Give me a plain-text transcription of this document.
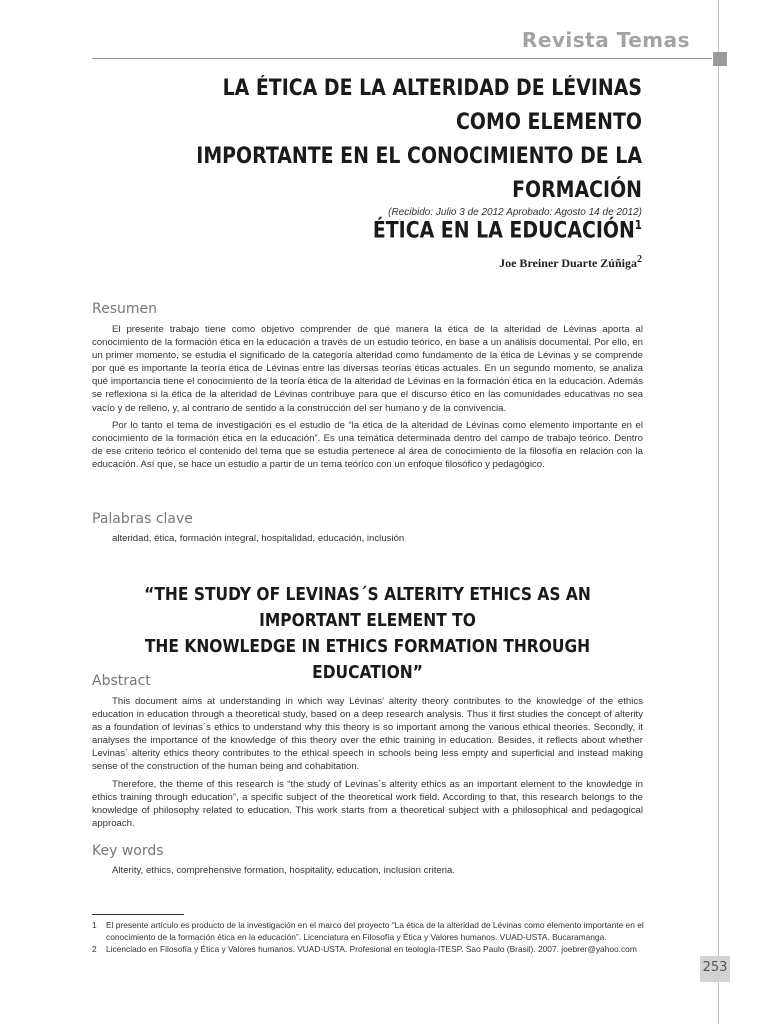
Revista Temas
LA ÉTICA DE LA ALTERIDAD DE LÉVINAS COMO ELEMENTO
IMPORTANTE EN EL CONOCIMIENTO DE LA FORMACIÓN
ÉTICA EN LA EDUCACIÓN$^1$
(Recibido: Julio 3 de 2012 Aprobado: Agosto 14 de 2012)
Joe Breiner Duarte Zúñiga$^2$
Resumen

El presente trabajo tiene como objetivo comprender de qué manera la ética de la alteridad de Lévinas aporta al conocimiento de la formación ética en la educación a través de un estudio teórico, en base a un análisis documental. Por ello, en un primer momento, se estudia el significado de la categoría alteridad como fundamento de la ética de Lévinas y se comprende por qué es importante la teoría ética de Lévinas entre las diversas teorías éticas actuales. En un segundo momento, se analiza qué importancia tiene el conocimiento de la teoría ética de la alteridad de Lévinas en la formación ética en la educación. Además se reflexiona si la ética de la alteridad de Lévinas contribuye para que el discurso ético en las comunidades educativas no sea vacío y de relleno, y, al contrario de sentido a la construcción del ser humano y de la convivencia.

Por lo tanto el tema de investigación es el estudio de “la ética de la alteridad de Lévinas como elemento importante en el conocimiento de la formación ética en la educación”. Es una temática determinada dentro del campo de trabajo teórico. Dentro de ese criterio teórico el contenido del tema que se estudia pertenece al área de conocimiento de la filosofía en relación con la educación. Así que, se hace un estudio a partir de un tema teórico con un enfoque filosófico y pedagógico.

Palabras clave
alteridad, ética, formación integral, hospitalidad, educación, inclusión
“THE STUDY OF LEVINAS´S ALTERITY ETHICS AS AN IMPORTANT ELEMENT TO
THE KNOWLEDGE IN ETHICS FORMATION THROUGH EDUCATION”
Abstract

This document aims at understanding in which way Lévinas’ alterity theory contributes to the knowledge of the ethics education in education through a theoretical study, based on a deep research analysis. Thus it first studies the concept of alterity as a foundation of levinas´s ethics to understand why this theory is so important among the various ethical theories. Secondly, it analyses the importance of the knowledge of this theory over the ethic training in education. Besides, it reflects about whether Levinas´ alterity ethics theory contributes to the ethical speech in schools being less empty and superficial and instead making sense of the construction of the human being and cohabitation.

Therefore, the theme of this research is “the study of Levinas´s alterity ethics as an important element to the knowledge in ethics training through education”, a specific subject of the theoretical work field. According to that, this research belongs to the knowledge of philosophy related to education. This work starts from a theoretical subject with a philosophical and pedagogical approach.

Key words
Alterity, ethics, comprehensive formation, hospitality, education, inclusion criteria.
1	El presente artículo es producto de la investigación en el marco del proyecto “La ética de la alteridad de Lévinas como elemento importante en el conocimiento de la formación ética en la educación”. Licenciatura en Filosofía y Ética y Valores humanos. VUAD-USTA. Bucaramanga.
2	Licenciado en Filosofía y Ética y Valores humanos. VUAD-USTA. Profesional en teología-ITESP. Sao Paulo (Brasil). 2007. joebrer@yahoo.com
253
